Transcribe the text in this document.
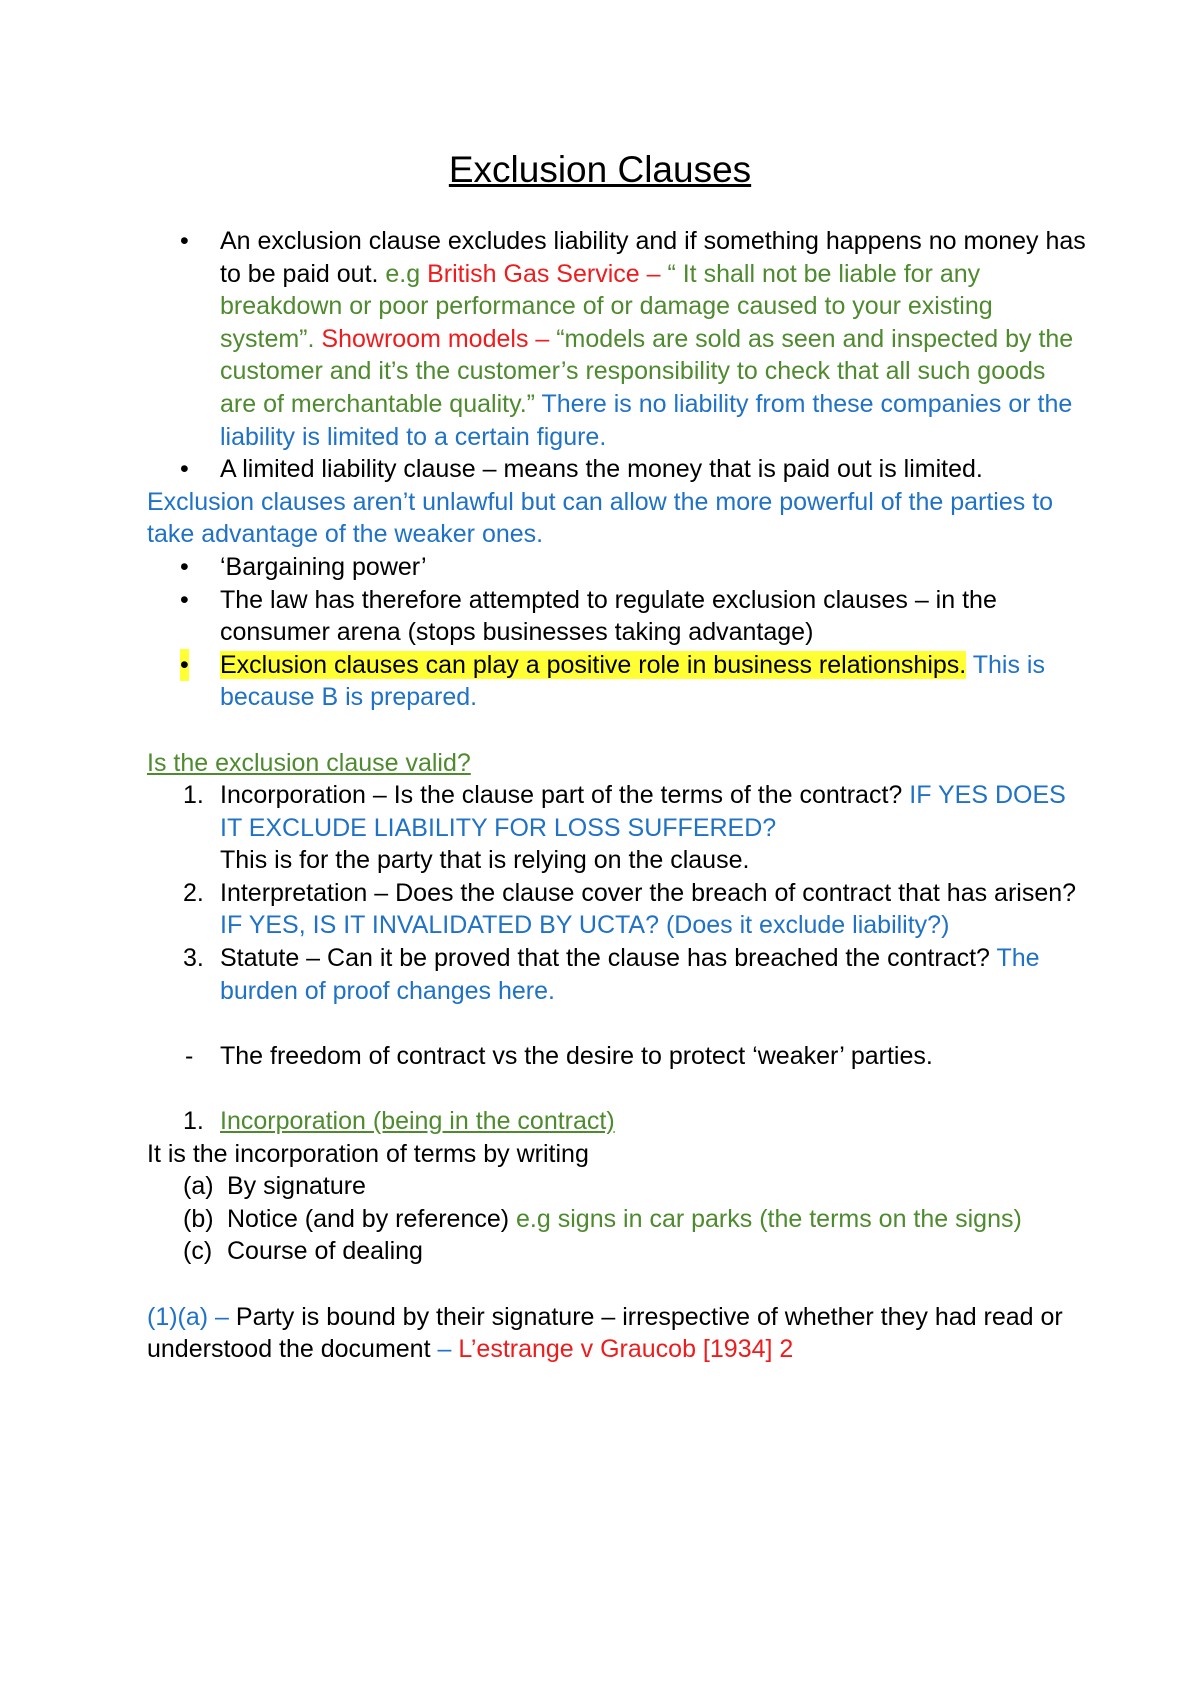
Exclusion Clauses
• An exclusion clause excludes liability and if something happens no money has to be paid out. e.g British Gas Service – “ It shall not be liable for any breakdown or poor performance of or damage caused to your existing system”. Showroom models – “models are sold as seen and inspected by the customer and it’s the customer’s responsibility to check that all such goods are of merchantable quality.” There is no liability from these companies or the liability is limited to a certain figure.
• A limited liability clause – means the money that is paid out is limited.

Exclusion clauses aren’t unlawful but can allow the more powerful of the parties to take advantage of the weaker ones.

• ‘Bargaining power’
• The law has therefore attempted to regulate exclusion clauses – in the consumer arena (stops businesses taking advantage)
• Exclusion clauses can play a positive role in business relationships. This is because B is prepared.

Is the exclusion clause valid?

1. Incorporation – Is the clause part of the terms of the contract? IF YES DOES IT EXCLUDE LIABILITY FOR LOSS SUFFERED?
This is for the party that is relying on the clause.
2. Interpretation – Does the clause cover the breach of contract that has arisen? IF YES, IS IT INVALIDATED BY UCTA? (Does it exclude liability?)
3. Statute – Can it be proved that the clause has breached the contract? The burden of proof changes here.
- The freedom of contract vs the desire to protect ‘weaker’ parties.
1. Incorporation (being in the contract)

It is the incorporation of terms by writing

(a) By signature
(b) Notice (and by reference) e.g signs in car parks (the terms on the signs)
(c) Course of dealing

(1)(a) – Party is bound by their signature – irrespective of whether they had read or understood the document – L’estrange v Graucob [1934] 2
